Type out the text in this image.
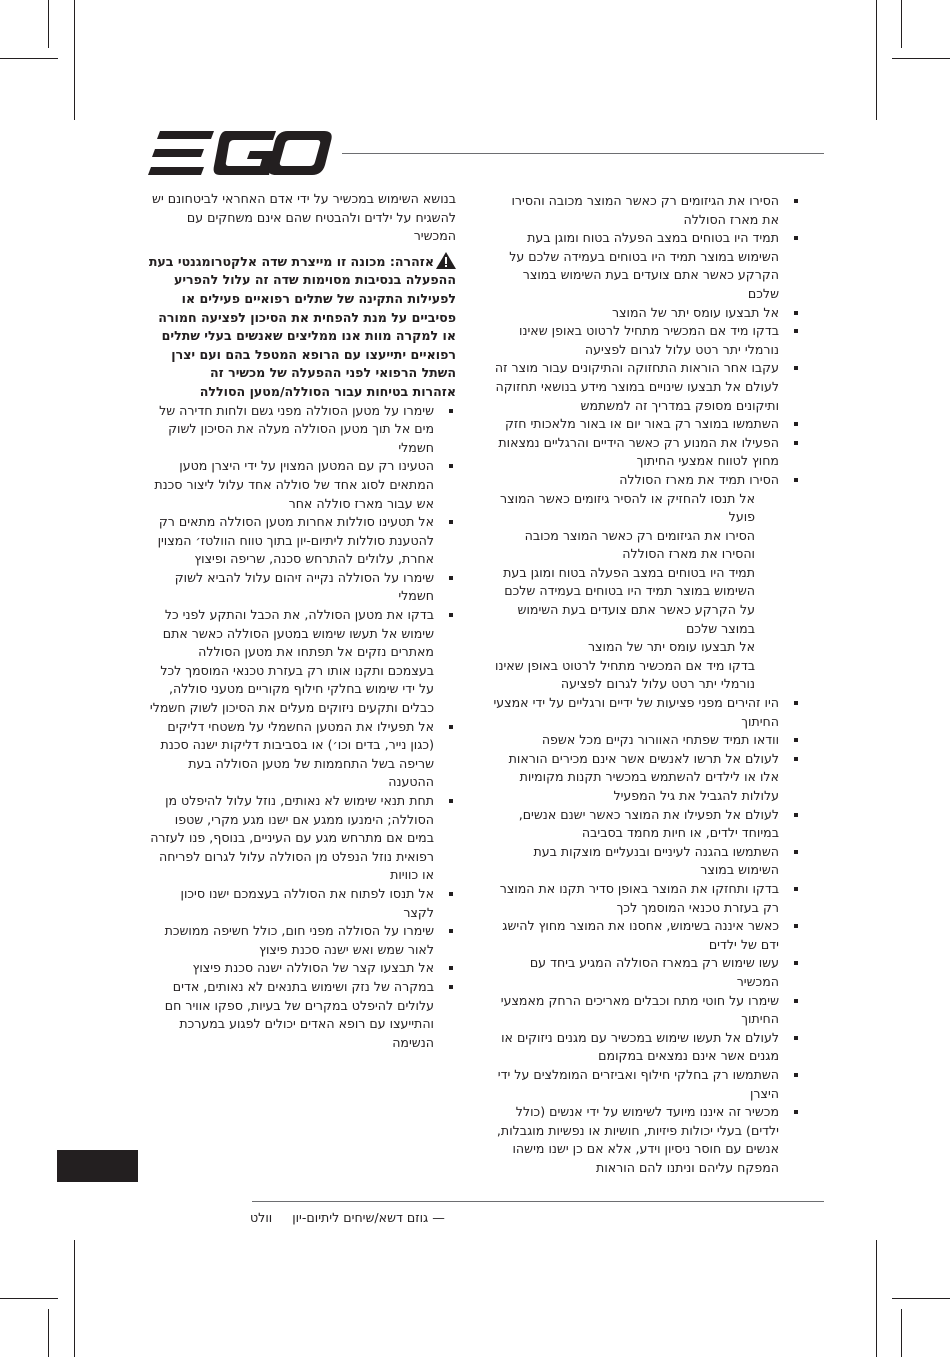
הסירו את הגיזומים רק כאשר המוצר מכובה והסירו את מארז הסוללה
תמיד היו בטוחים במצב הפעלה בטוח ומוגן בעת השימוש במוצר תמיד היו בטוחים בעמידה שלכם על הקרקע כאשר אתם צועדים בעת השימוש במוצר שלכם
אל תבצעו עומס יתר של המוצר
בדקו מיד אם המכשיר מתחיל לרטוט באופן שאינו נורמלי יתר רטט עלול לגרום לפציעה
עקבו אחר הוראות התחזוקה והתיקונים עבור מוצר זה לעולם אל תבצעו שינויים במוצר מידע בנושאי תחזוקה ותיקונים מסופק במדריך זה למשתמש
השתמשו במוצר רק באור יום או באור מלאכותי חזק
הפעילו את המנוע רק כאשר הידיים והרגליים נמצאות מחוץ לטווח אמצעי החיתוך
הסירו תמיד את מארז הסוללה
אל תנסו להחזיק או להסיר גיזומים כאשר המוצר פועל
הסירו את הגיזומים רק כאשר המוצר מכובה והסירו את מארז הסוללה
תמיד היו בטוחים במצב הפעלה בטוח ומוגן בעת השימוש במוצר תמיד היו בטוחים בעמידה שלכם על הקרקע כאשר אתם צועדים בעת השימוש במוצר שלכם
אל תבצעו עומס יתר של המוצר
בדקו מיד אם המכשיר מתחיל לרטוט באופן שאינו נורמלי יתר רטט עלול לגרום לפציעה
היו זהירים מפני פציעות של ידיים ורגליים על ידי אמצעי החיתוך
וודאו תמיד שפתחי האוורור נקיים מכל אשפה
לעולם אל תרשו לאנשים אשר אינם מכירים הוראות אלו או לילדים להשתמש במכשיר תקנות מקומיות עלולות להגביל את גיל המפעיל
לעולם אל תפעילו את המוצר כאשר ישנם אנשים, במיוחד ילדים, או חיות מחמד בסביבה
השתמשו בהגנה לעיניים ובנעליים מוצקות בעת השימוש במוצר
בדקו ותחזקו את המוצר באופן סדיר תקנו את המוצר רק בעזרת טכנאי המוסמך לכך
כאשר איננה בשימוש, אחסנו את המוצר מחוץ להישג ידם של ילדים
עשו שימוש רק במארז הסוללה המגיע ביחד עם המכשיר
שימרו על חוטי מתח וכבלים מאריכים הרחק מאמצעי החיתוך
לעולם אל תעשו שימוש במכשיר עם מגנים ניזוקים או מגנים אשר אינם נמצאים במקומם
השתמשו רק בחלקי חילוף ואביזרים המומלצים על ידי היצרן
מכשיר זה איננו מיועד לשימוש על ידי אנשים (כולל ילדים) בעלי יכולות פיזיות, חושיות או נפשיות מוגבלות, אנשים עם חוסר ניסיון וידע, אלא אם כן ישנו מישהו המפקח עליהם וניתנו להם הוראות
בנושא השימוש במכשיר על ידי אדם האחראי לביטחונם יש להשגיח על ילדים ולהבטיח שהם אינם משחקים עם המכשיר
אזהרה: מכונה זו מייצרת שדה אלקטרומגנטי בעת ההפעלה בנסיבות מסוימות שדה זה עלול להפריע לפעילות התקינה של שתלים רפואיים פעילים או פסיביים על מנת להפחית את הסיכון לפציעה חמורה או למקרה מוות אנו ממליצים שאנשים בעלי שתלים רפואיים יתייעצו עם הרופא המטפל בהם ועם יצרן השתל הרפואי לפני ההפעלה של מכשיר זה
אזהרות בטיחות עבור הסוללה/מטען הסוללה
שימרו על מטען הסוללה מפני גשם ולחות חדירה של מים אל תוך מטען הסוללה מעלה את הסיכון לשוק חשמלי
הטעינו רק עם המטען המצוין על ידי היצרן מטען המתאים לסוג אחד של סוללה אחד עלול ליצור סכנת אש עבור מארז סוללה אחר
אל תטעינו סוללות אחרות מטען הסוללה מתאים רק להטענת סוללות ליתיום-יון בתוך טווח הוולטז׳ המצוין אחרת, עלולים להתרחש סכנה, שריפה ופיצוץ
שימרו על הסוללה נקייה זיהום עלול להביא לשוק חשמלי
בדקו את מטען הסוללה, את הכבל והתקע לפני כל שימוש אל תעשו שימוש במטען הסוללה כאשר אתם מאתרים נזקים אל תפתחו את מטען הסוללה בעצמכם ותקנו אותו רק בעזרת טכנאי המוסמך לכל על ידי שימוש בחלקי חילוף מקוריים מטעני סוללה, כבלים ותקעים ניזוקים מעלים את הסיכון לשוק חשמלי
אל תפעילו את המטען החשמלי על משטחי דליקים (כגון נייר, בדים וכו׳) או בסביבות דליקות ישנה סכנת שריפה בשל התחממות של מטען הסוללה בעת ההטענה
תחת תנאי שימוש לא נאותים, נוזל עלול להיפלט מן הסוללה; הימנעו ממגע אם ישנו מגע מקרי, שטפו במים אם מתרחש מגע עם העיניים, בנוסף, פנו לעזרה רפואית נוזל הנפלט מן הסוללה עלול לגרום לפריחה או כוויות
אל תנסו לפתוח את הסוללה בעצמכם ישנו סיכון לקצר
שימרו על הסוללה מפני חום, כולל חשיפה ממושכת לאור שמש ואש ישנה סכנת פיצוץ
אל תבצעו קצר של הסוללה ישנה סכנת פיצוץ
במקרה של נזק ושימוש בתנאים לא נאותים, אדים עלולים להיפלט במקרים של בעיות, ספקו אוויר חם והתייעצו עם רופא האדים יכולים לפגוע במערכת הנשימה
— גוזם דשא/שיחים ליתיום-יוןוולט
